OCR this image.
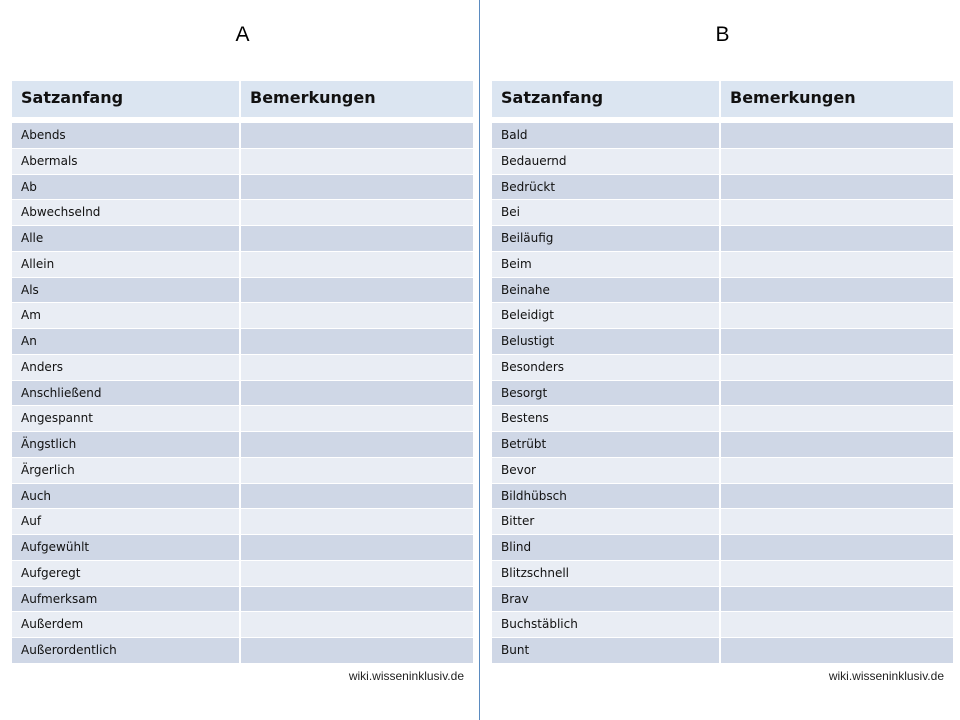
A
Satzanfang	Bemerkungen
Abends
Abermals
Ab
Abwechselnd
Alle
Allein
Als
Am
An
Anders
Anschließend
Angespannt
Ängstlich
Ärgerlich
Auch
Auf
Aufgewühlt
Aufgeregt
Aufmerksam
Außerdem
Außerordentlich
wiki.wisseninklusiv.de
B
Satzanfang	Bemerkungen
Bald
Bedauernd
Bedrückt
Bei
Beiläufig
Beim
Beinahe
Beleidigt
Belustigt
Besonders
Besorgt
Bestens
Betrübt
Bevor
Bildhübsch
Bitter
Blind
Blitzschnell
Brav
Buchstäblich
Bunt
wiki.wisseninklusiv.de
